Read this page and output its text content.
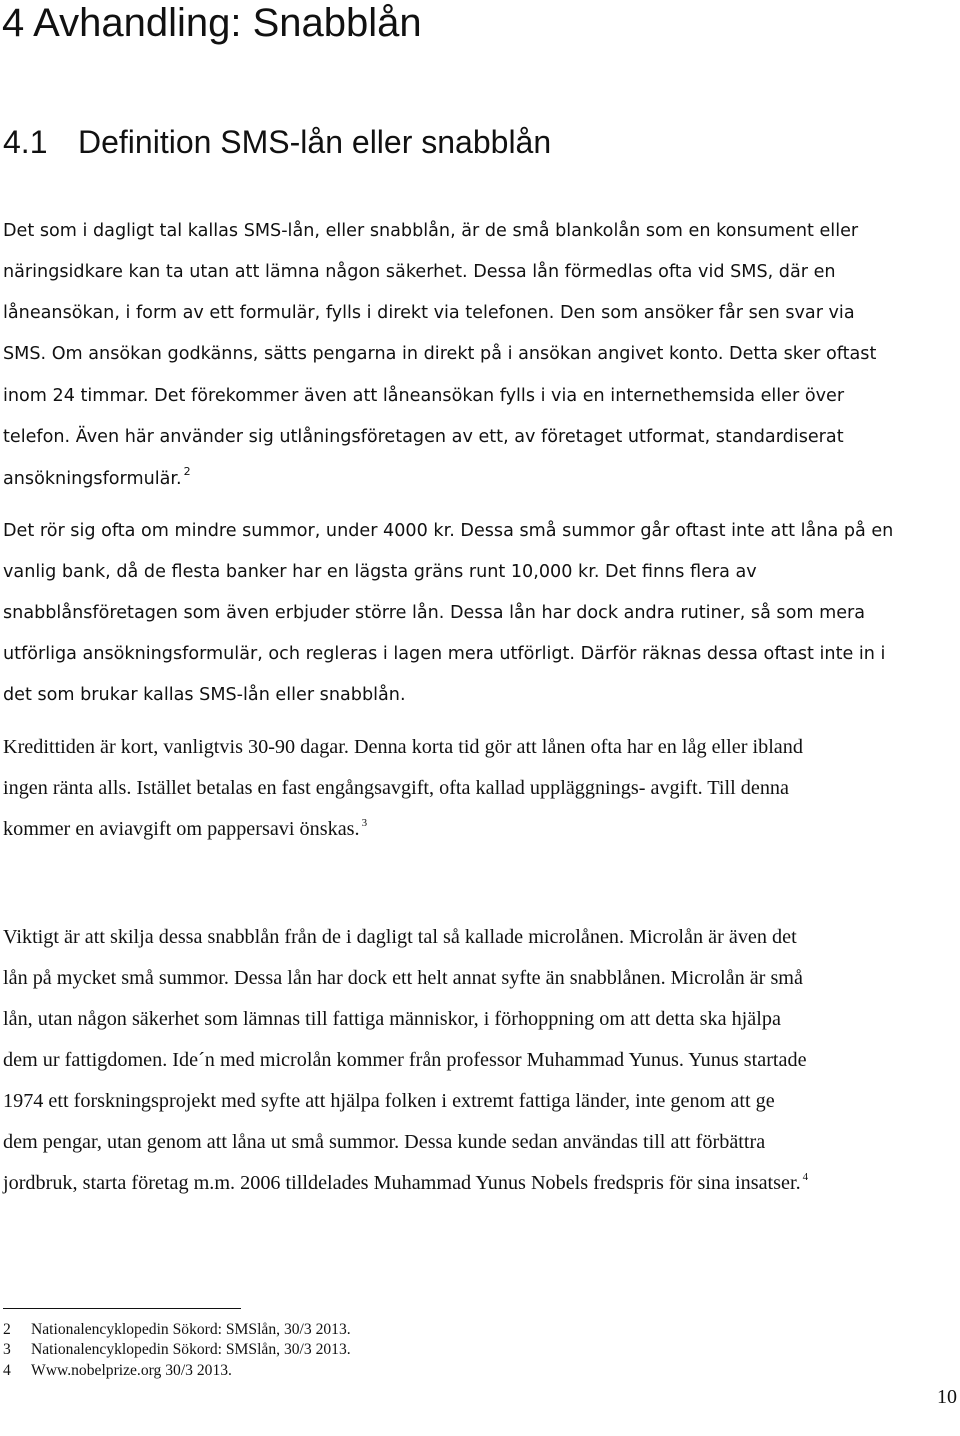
4 Avhandling: Snabblån
4.1 Definition SMS-lån eller snabblån
Det som i dagligt tal kallas SMS-lån, eller snabblån, är de små blankolån som en konsument eller
näringsidkare kan ta utan att lämna någon säkerhet. Dessa lån förmedlas ofta vid SMS, där en
låneansökan, i form av ett formulär, fylls i direkt via telefonen. Den som ansöker får sen svar via
SMS. Om ansökan godkänns, sätts pengarna in direkt på i ansökan angivet konto. Detta sker oftast
inom 24 timmar. Det förekommer även att låneansökan fylls i via en internethemsida eller över
telefon. Även här använder sig utlåningsföretagen av ett, av företaget utformat, standardiserat
ansökningsformulär. $^2$
Det rör sig ofta om mindre summor, under 4000 kr. Dessa små summor går oftast inte att låna på en
vanlig bank, då de flesta banker har en lägsta gräns runt 10,000 kr. Det finns flera av
snabblånsföretagen som även erbjuder större lån. Dessa lån har dock andra rutiner, så som mera
utförliga ansökningsformulär, och regleras i lagen mera utförligt. Därför räknas dessa oftast inte in i
det som brukar kallas SMS-lån eller snabblån.
Kredittiden är kort, vanligtvis 30-90 dagar. Denna korta tid gör att lånen ofta har en låg eller ibland
ingen ränta alls. Istället betalas en fast engångsavgift, ofta kallad uppläggnings- avgift. Till denna
kommer en aviavgift om pappersavi önskas. $^3$
Viktigt är att skilja dessa snabblån från de i dagligt tal så kallade microlånen. Microlån är även det
lån på mycket små summor. Dessa lån har dock ett helt annat syfte än snabblånen. Microlån är små
lån, utan någon säkerhet som lämnas till fattiga människor, i förhoppning om att detta ska hjälpa
dem ur fattigdomen. Ide´n med microlån kommer från professor Muhammad Yunus. Yunus startade
1974 ett forskningsprojekt med syfte att hjälpa folken i extremt fattiga länder, inte genom att ge
dem pengar, utan genom att låna ut små summor. Dessa kunde sedan användas till att förbättra
jordbruk, starta företag m.m. 2006 tilldelades Muhammad Yunus Nobels fredspris för sina insatser. $^4$
2 Nationalencyklopedin Sökord: SMSlån, 30/3 2013.
3 Nationalencyklopedin Sökord: SMSlån, 30/3 2013.
4 Www.nobelprize.org 30/3 2013.
10
